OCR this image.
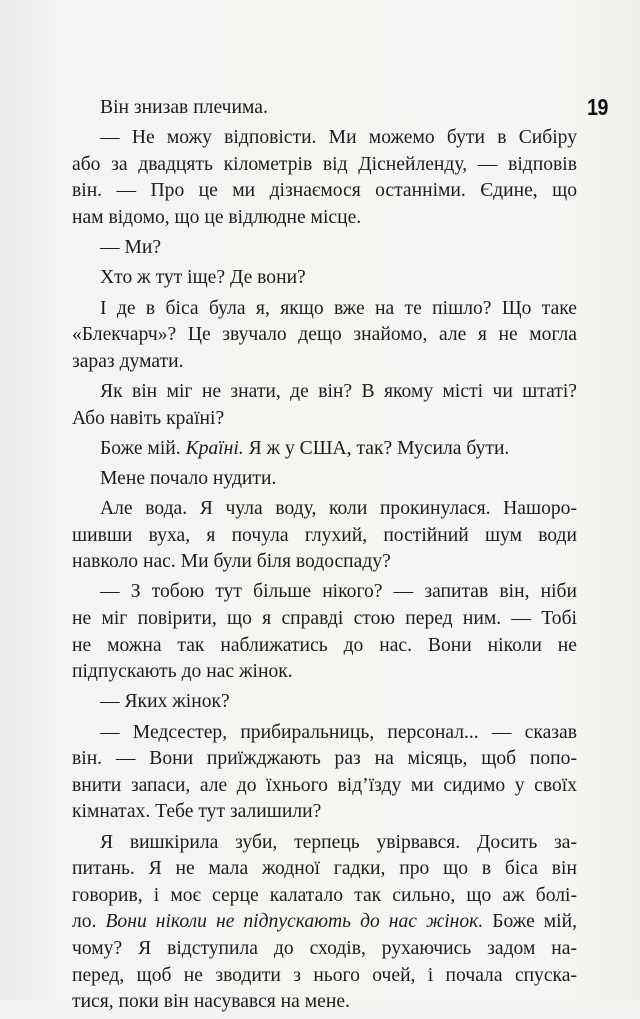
19
Він знизав плечима.
— Не можу відповісти. Ми можемо бути в Сибіру
або за двадцять кілометрів від Діснейленду, — відповів
він. — Про це ми дізнаємося останніми. Єдине, що
нам відомо, що це відлюдне місце.
— Ми?
Хто ж тут іще? Де вони?
І де в біса була я, якщо вже на те пішло? Що таке
«Блекчарч»? Це звучало дещо знайомо, але я не могла
зараз думати.
Як він міг не знати, де він? В якому місті чи штаті?
Або навіть країні?
Боже мій. Країні. Я ж у США, так? Мусила бути.
Мене почало нудити.
Але вода. Я чула воду, коли прокинулася. Нашоро-
шивши вуха, я почула глухий, постійний шум води
навколо нас. Ми були біля водоспаду?
— З тобою тут більше нікого? — запитав він, ніби
не міг повірити, що я справді стою перед ним. — Тобі
не можна так наближатись до нас. Вони ніколи не
підпускають до нас жінок.
— Яких жінок?
— Медсестер, прибиральниць, персонал... — сказав
він. — Вони приїжджають раз на місяць, щоб попо-
внити запаси, але до їхнього від’їзду ми сидимо у своїх
кімнатах. Тебе тут залишили?
Я вишкірила зуби, терпець увірвався. Досить за-
питань. Я не мала жодної гадки, про що в біса він
говорив, і моє серце калатало так сильно, що аж болі-
ло. Вони ніколи не підпускають до нас жінок. Боже мій,
чому? Я відступила до сходів, рухаючись задом на-
перед, щоб не зводити з нього очей, і почала спуска-
тися, поки він насувався на мене.
